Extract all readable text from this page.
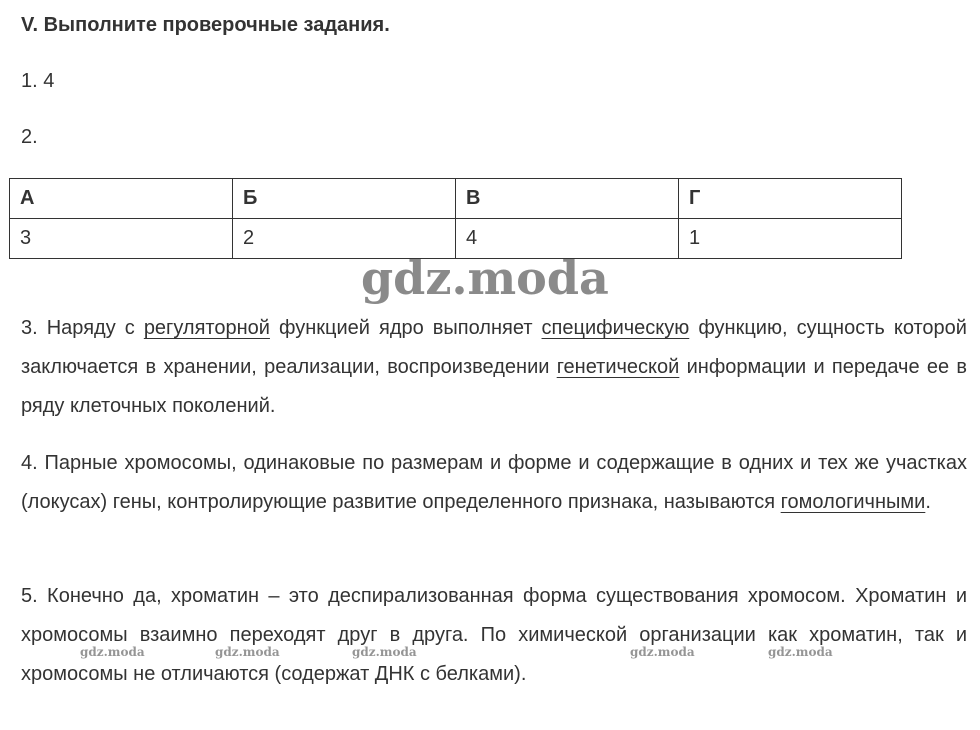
V. Выполните проверочные задания.

1. 4

2.

А	Б	В	Г
3	2	4	1
gdz.moda

3. Наряду с регуляторной функцией ядро выполняет специфическую функцию, сущность которой заключается в хранении, реализации, воспроизведении генетической информации и передаче ее в ряду клеточных поколений.

4. Парные хромосомы, одинаковые по размерам и форме и содержащие в одних и тех же участках (локусах) гены, контролирующие развитие определенного признака, называются гомологичными.

5. Конечно да, хроматин – это деспирализованная форма существования хромосом. Хроматин и хромосомы взаимно переходят друг в друга. По химической организации как хроматин, так и хромосомы не отличаются (содержат ДНК с белками).

gdz.moda	gdz.moda	gdz.moda	gdz.moda	gdz.moda
